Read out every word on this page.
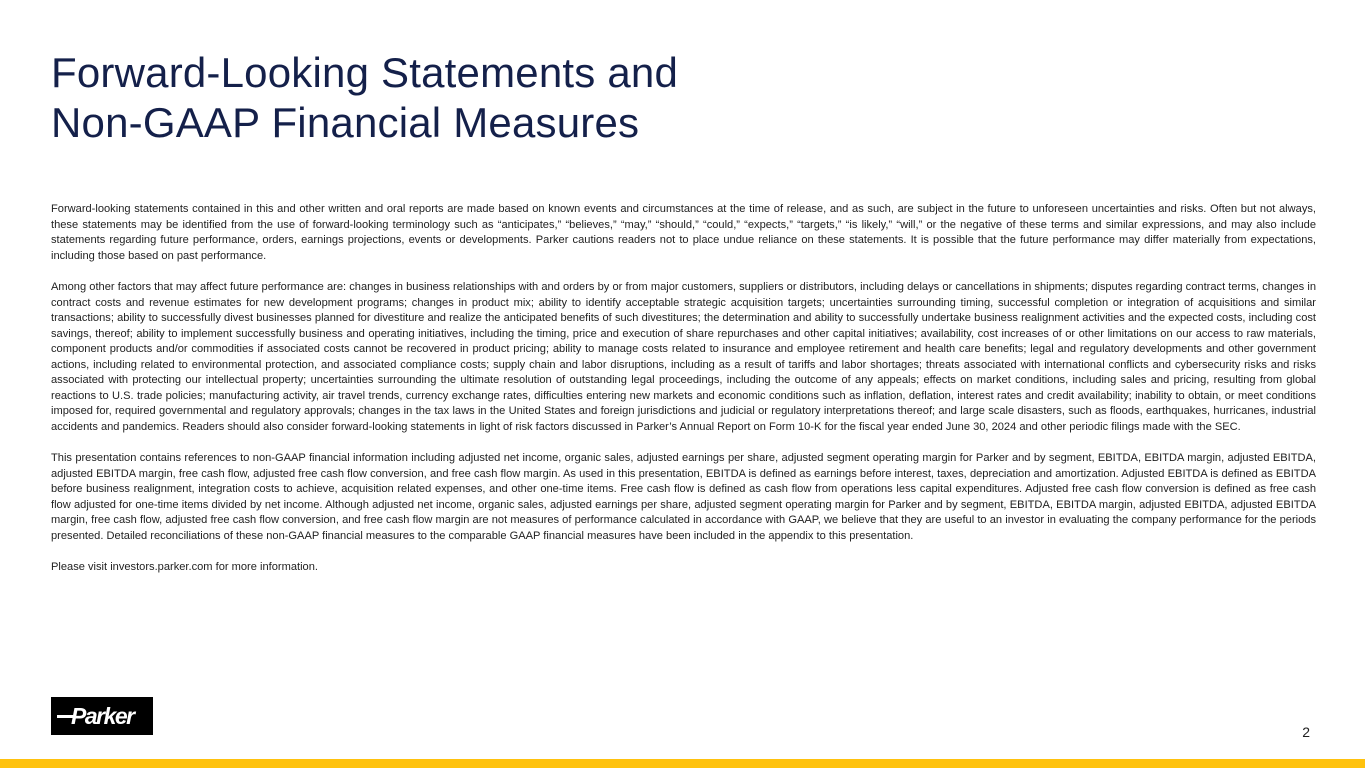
Forward-Looking Statements and
Non-GAAP Financial Measures

Forward-looking statements contained in this and other written and oral reports are made based on known events and circumstances at the time of release, and as such, are subject in the future to unforeseen uncertainties and risks. Often but not always, these statements may be identified from the use of forward-looking terminology such as “anticipates,” “believes,” “may,” “should,” “could,” “expects,” “targets,” “is likely,” “will,” or the negative of these terms and similar expressions, and may also include statements regarding future performance, orders, earnings projections, events or developments. Parker cautions readers not to place undue reliance on these statements. It is possible that the future performance may differ materially from expectations, including those based on past performance.

Among other factors that may affect future performance are: changes in business relationships with and orders by or from major customers, suppliers or distributors, including delays or cancellations in shipments; disputes regarding contract terms, changes in contract costs and revenue estimates for new development programs; changes in product mix; ability to identify acceptable strategic acquisition targets; uncertainties surrounding timing, successful completion or integration of acquisitions and similar transactions; ability to successfully divest businesses planned for divestiture and realize the anticipated benefits of such divestitures; the determination and ability to successfully undertake business realignment activities and the expected costs, including cost savings, thereof; ability to implement successfully business and operating initiatives, including the timing, price and execution of share repurchases and other capital initiatives; availability, cost increases of or other limitations on our access to raw materials, component products and/or commodities if associated costs cannot be recovered in product pricing; ability to manage costs related to insurance and employee retirement and health care benefits; legal and regulatory developments and other government actions, including related to environmental protection, and associated compliance costs; supply chain and labor disruptions, including as a result of tariffs and labor shortages; threats associated with international conflicts and cybersecurity risks and risks associated with protecting our intellectual property; uncertainties surrounding the ultimate resolution of outstanding legal proceedings, including the outcome of any appeals; effects on market conditions, including sales and pricing, resulting from global reactions to U.S. trade policies; manufacturing activity, air travel trends, currency exchange rates, difficulties entering new markets and economic conditions such as inflation, deflation, interest rates and credit availability; inability to obtain, or meet conditions imposed for, required governmental and regulatory approvals; changes in the tax laws in the United States and foreign jurisdictions and judicial or regulatory interpretations thereof; and large scale disasters, such as floods, earthquakes, hurricanes, industrial accidents and pandemics. Readers should also consider forward-looking statements in light of risk factors discussed in Parker’s Annual Report on Form 10-K for the fiscal year ended June 30, 2024 and other periodic filings made with the SEC.

This presentation contains references to non-GAAP financial information including adjusted net income, organic sales, adjusted earnings per share, adjusted segment operating margin for Parker and by segment, EBITDA, EBITDA margin, adjusted EBITDA, adjusted EBITDA margin, free cash flow, adjusted free cash flow conversion, and free cash flow margin. As used in this presentation, EBITDA is defined as earnings before interest, taxes, depreciation and amortization. Adjusted EBITDA is defined as EBITDA before business realignment, integration costs to achieve, acquisition related expenses, and other one-time items. Free cash flow is defined as cash flow from operations less capital expenditures. Adjusted free cash flow conversion is defined as free cash flow adjusted for one-time items divided by net income. Although adjusted net income, organic sales, adjusted earnings per share, adjusted segment operating margin for Parker and by segment, EBITDA, EBITDA margin, adjusted EBITDA, adjusted EBITDA margin, free cash flow, adjusted free cash flow conversion, and free cash flow margin are not measures of performance calculated in accordance with GAAP, we believe that they are useful to an investor in evaluating the company performance for the periods presented. Detailed reconciliations of these non-GAAP financial measures to the comparable GAAP financial measures have been included in the appendix to this presentation.

Please visit investors.parker.com for more information.

Parker
2
